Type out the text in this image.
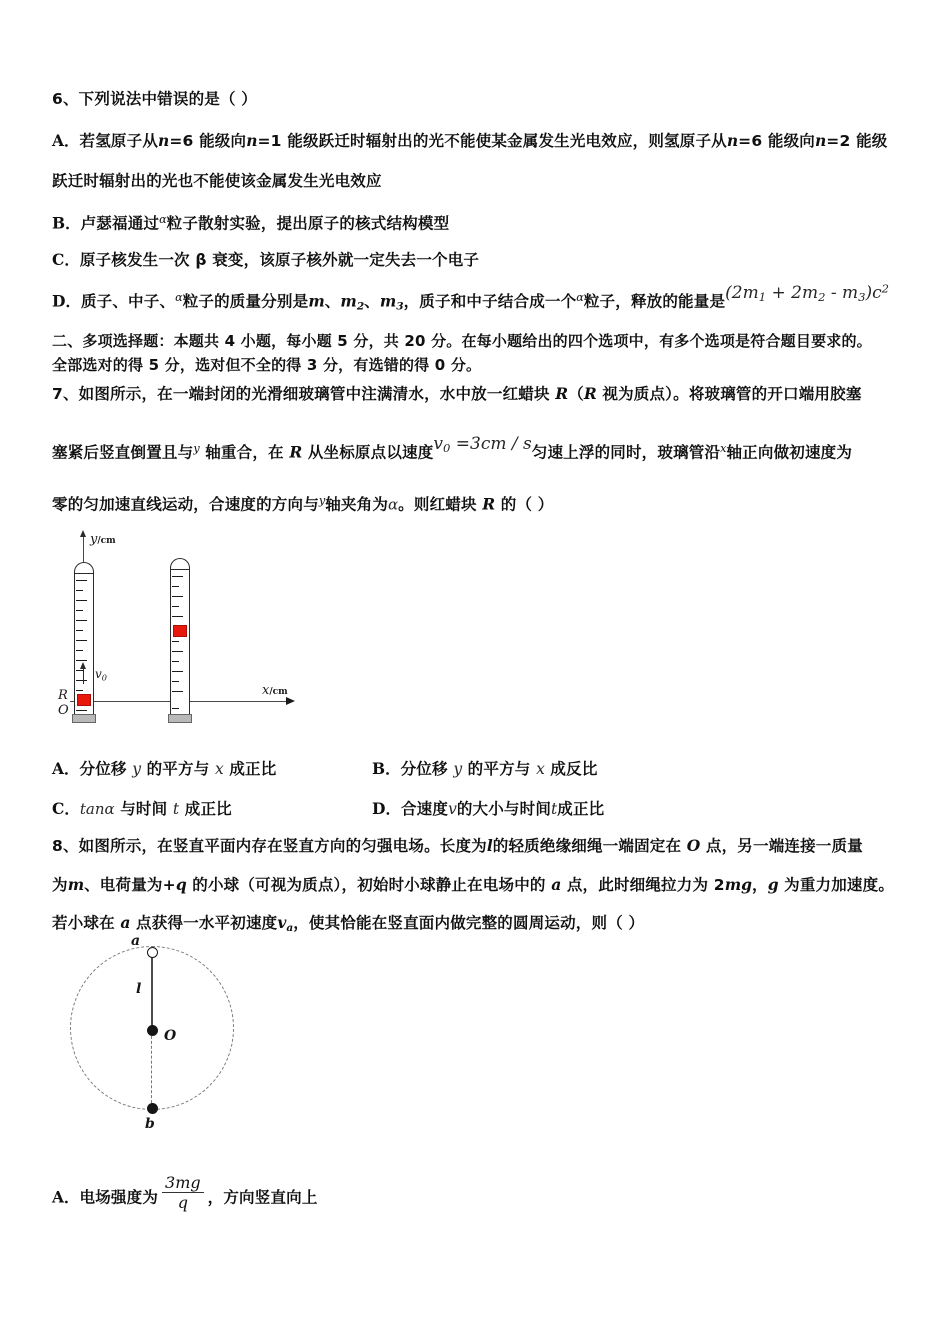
6、下列说法中错误的是（ ）
A．若氢原子从n=6 能级向n=1 能级跃迁时辐射出的光不能使某金属发生光电效应，则氢原子从n=6 能级向n=2 能级
跃迁时辐射出的光也不能使该金属发生光电效应
B．卢瑟福通过$^\alpha$粒子散射实验，提出原子的核式结构模型
C．原子核发生一次 β 衰变，该原子核外就一定失去一个电子
D．质子、中子、$^\alpha$粒子的质量分别是m、$m_2$、$m_3$，质子和中子结合成一个$^\alpha$粒子，释放的能量是$(2m_1 + 2m_2 - m_3)c^2$
二、多项选择题：本题共 4 小题，每小题 5 分，共 20 分。在每小题给出的四个选项中，有多个选项是符合题目要求的。
全部选对的得 5 分，选对但不全的得 3 分，有选错的得 0 分。
7、如图所示，在一端封闭的光滑细玻璃管中注满清水，水中放一红蜡块 R（R 视为质点）。将玻璃管的开口端用胶塞
塞紧后竖直倒置且与$^y$ 轴重合，在 R 从坐标原点以速度$v_0 =3cm / s$匀速上浮的同时，玻璃管沿$^x$轴正向做初速度为
零的匀加速直线运动，合速度的方向与$^y$轴夹角为α。则红蜡块 R 的（ ）
y/cm
x/cm
R
O
$v_0$
A．分位移 y 的平方与 x 成正比	B．分位移 y 的平方与 x 成反比
C．tanα 与时间 t 成正比	D．合速度v的大小与时间t成正比
8、如图所示，在竖直平面内存在竖直方向的匀强电场。长度为l的轻质绝缘细绳一端固定在 O 点，另一端连接一质量
为m、电荷量为+q 的小球（可视为质点），初始时小球静止在电场中的 a 点，此时细绳拉力为 2mg，g 为重力加速度。
若小球在 a 点获得一水平初速度$v_a$，使其恰能在竖直面内做完整的圆周运动，则（ ）
a
O
b
l
A．电场强度为 $\frac{3mg}{q}$ ，方向竖直向上
